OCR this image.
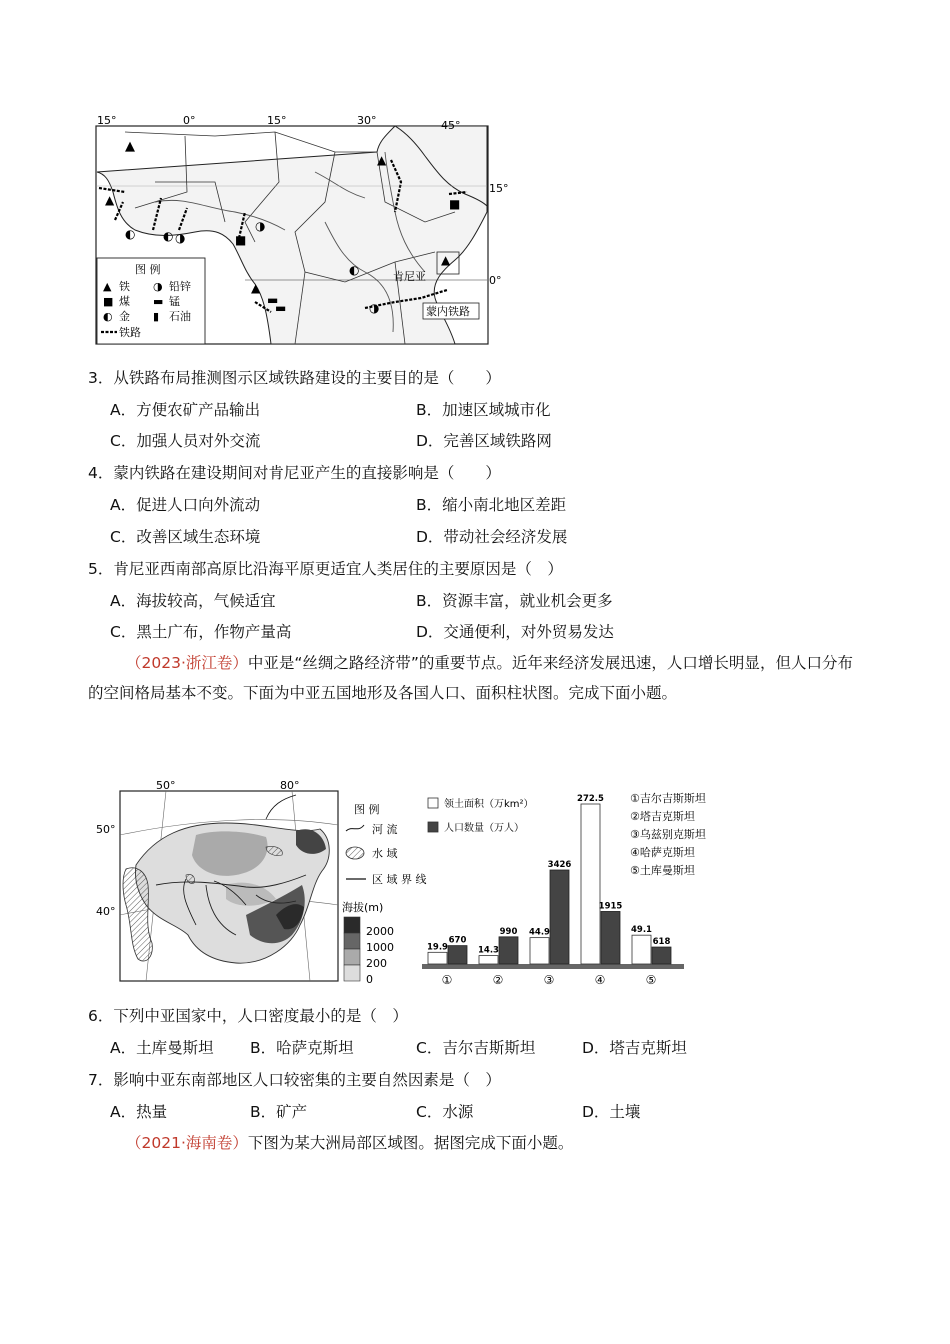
▲
▲
◐ ◐ ◑	■
▲
▬
▬
◐
◑
▲
▲
■
◑
15°	0°	15°	30°	45°
15°
0°
肯尼亚
蒙内铁路
图 例
▲ 铁 ◑ 铅锌
■ 煤 ▬ 锰
◐ 金 ▮ 石油
铁路
3．从铁路布局推测图示区域铁路建设的主要目的是（　　）
A．方便农矿产品输出	B．加速区域城市化
C．加强人员对外交流	D．完善区域铁路网
4．蒙内铁路在建设期间对肯尼亚产生的直接影响是（　　）
A．促进人口向外流动	B．缩小南北地区差距
C．改善区域生态环境	D．带动社会经济发展
5．肯尼亚西南部高原比沿海平原更适宜人类居住的主要原因是（　）
A．海拔较高，气候适宜	B．资源丰富，就业机会更多
C．黑土广布，作物产量高	D．交通便利，对外贸易发达
（2023·浙江卷）中亚是“丝绸之路经济带”的重要节点。近年来经济发展迅速，人口增长明显，但人口分布的空间格局基本不变。下面为中亚五国地形及各国人口、面积柱状图。完成下面小题。
50°	80°
50°
40°
图 例
河 流
水 域
区 域 界 线
海拔(m)
2000
1000
200
0
领土面积（万km²）
人口数量（万人）
①吉尔吉斯斯坦
②塔吉克斯坦
③乌兹别克斯坦
④哈萨克斯坦
⑤土库曼斯坦
19.9
670
①
14.3
990
②
44.9
3426
③
272.5
1915
④
49.1
618
⑤
6．下列中亚国家中，人口密度最小的是（　）
A．土库曼斯坦 B．哈萨克斯坦	C．吉尔吉斯斯坦	D．塔吉克斯坦
7．影响中亚东南部地区人口较密集的主要自然因素是（　）
A．热量	B．矿产	C．水源	D．土壤
（2021·海南卷）下图为某大洲局部区域图。据图完成下面小题。
